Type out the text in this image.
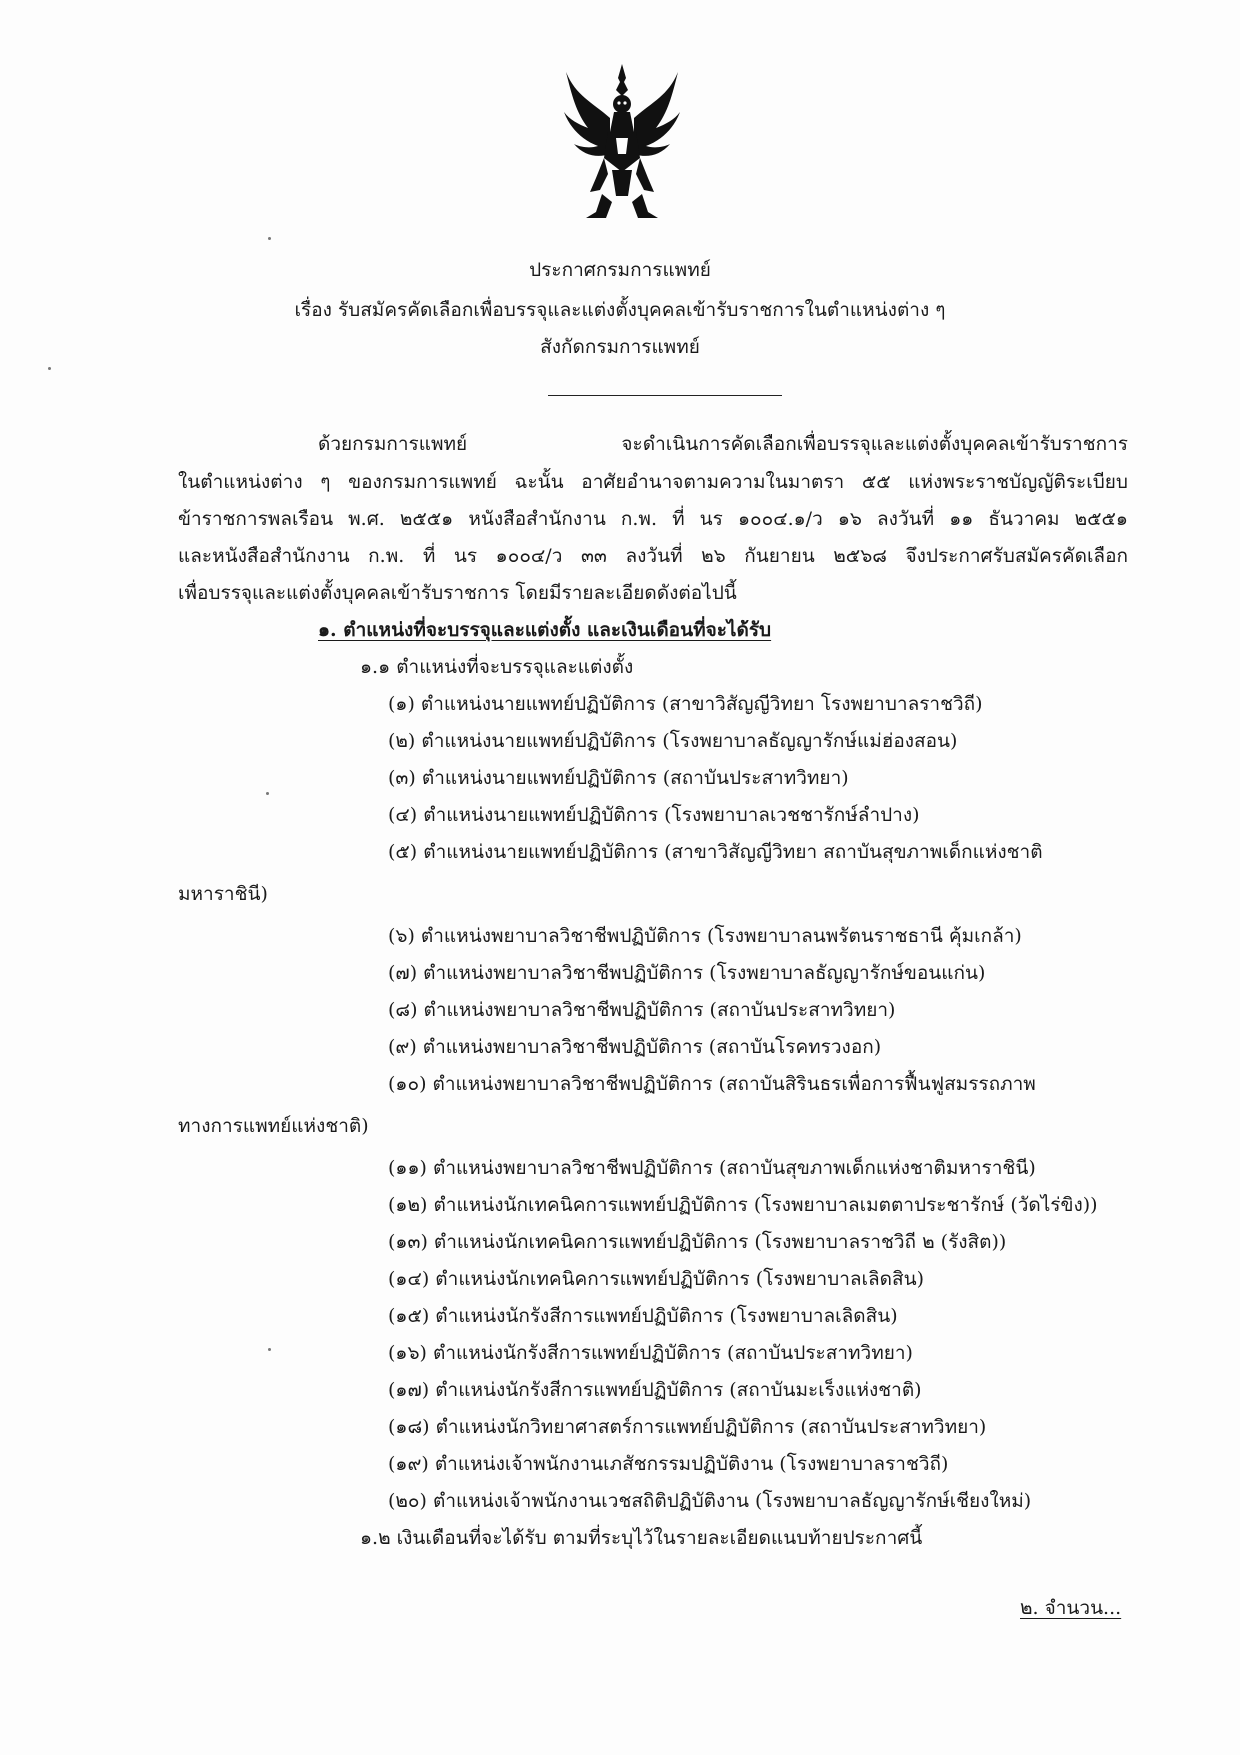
ประกาศกรมการแพทย์
เรื่อง รับสมัครคัดเลือกเพื่อบรรจุและแต่งตั้งบุคคลเข้ารับราชการในตำแหน่งต่าง ๆ
สังกัดกรมการแพทย์
ด้วยกรมการแพทย์ จะดำเนินการคัดเลือกเพื่อบรรจุและแต่งตั้งบุคคลเข้ารับราชการ
ในตำแหน่งต่าง ๆ ของกรมการแพทย์ ฉะนั้น อาศัยอำนาจตามความในมาตรา ๕๕ แห่งพระราชบัญญัติระเบียบ
ข้าราชการพลเรือน พ.ศ. ๒๕๕๑ หนังสือสำนักงาน ก.พ. ที่ นร ๑๐๐๔.๑/ว ๑๖ ลงวันที่ ๑๑ ธันวาคม ๒๕๕๑
และหนังสือสำนักงาน ก.พ. ที่ นร ๑๐๐๔/ว ๓๓ ลงวันที่ ๒๖ กันยายน ๒๕๖๘ จึงประกาศรับสมัครคัดเลือก
เพื่อบรรจุและแต่งตั้งบุคคลเข้ารับราชการ โดยมีรายละเอียดดังต่อไปนี้
๑. ตำแหน่งที่จะบรรจุและแต่งตั้ง และเงินเดือนที่จะได้รับ
๑.๑ ตำแหน่งที่จะบรรจุและแต่งตั้ง
(๑) ตำแหน่งนายแพทย์ปฏิบัติการ (สาขาวิสัญญีวิทยา โรงพยาบาลราชวิถี)
(๒) ตำแหน่งนายแพทย์ปฏิบัติการ (โรงพยาบาลธัญญารักษ์แม่ฮ่องสอน)
(๓) ตำแหน่งนายแพทย์ปฏิบัติการ (สถาบันประสาทวิทยา)
(๔) ตำแหน่งนายแพทย์ปฏิบัติการ (โรงพยาบาลเวชชารักษ์ลำปาง)
(๕) ตำแหน่งนายแพทย์ปฏิบัติการ (สาขาวิสัญญีวิทยา สถาบันสุขภาพเด็กแห่งชาติ
มหาราชินี)
(๖) ตำแหน่งพยาบาลวิชาชีพปฏิบัติการ (โรงพยาบาลนพรัตนราชธานี คุ้มเกล้า)
(๗) ตำแหน่งพยาบาลวิชาชีพปฏิบัติการ (โรงพยาบาลธัญญารักษ์ขอนแก่น)
(๘) ตำแหน่งพยาบาลวิชาชีพปฏิบัติการ (สถาบันประสาทวิทยา)
(๙) ตำแหน่งพยาบาลวิชาชีพปฏิบัติการ (สถาบันโรคทรวงอก)
(๑๐) ตำแหน่งพยาบาลวิชาชีพปฏิบัติการ (สถาบันสิรินธรเพื่อการฟื้นฟูสมรรถภาพ
ทางการแพทย์แห่งชาติ)
(๑๑) ตำแหน่งพยาบาลวิชาชีพปฏิบัติการ (สถาบันสุขภาพเด็กแห่งชาติมหาราชินี)
(๑๒) ตำแหน่งนักเทคนิคการแพทย์ปฏิบัติการ (โรงพยาบาลเมตตาประชารักษ์ (วัดไร่ขิง))
(๑๓) ตำแหน่งนักเทคนิคการแพทย์ปฏิบัติการ (โรงพยาบาลราชวิถี ๒ (รังสิต))
(๑๔) ตำแหน่งนักเทคนิคการแพทย์ปฏิบัติการ (โรงพยาบาลเลิดสิน)
(๑๕) ตำแหน่งนักรังสีการแพทย์ปฏิบัติการ (โรงพยาบาลเลิดสิน)
(๑๖) ตำแหน่งนักรังสีการแพทย์ปฏิบัติการ (สถาบันประสาทวิทยา)
(๑๗) ตำแหน่งนักรังสีการแพทย์ปฏิบัติการ (สถาบันมะเร็งแห่งชาติ)
(๑๘) ตำแหน่งนักวิทยาศาสตร์การแพทย์ปฏิบัติการ (สถาบันประสาทวิทยา)
(๑๙) ตำแหน่งเจ้าพนักงานเภสัชกรรมปฏิบัติงาน (โรงพยาบาลราชวิถี)
(๒๐) ตำแหน่งเจ้าพนักงานเวชสถิติปฏิบัติงาน (โรงพยาบาลธัญญารักษ์เชียงใหม่)
๑.๒ เงินเดือนที่จะได้รับ ตามที่ระบุไว้ในรายละเอียดแนบท้ายประกาศนี้
๒. จำนวน...
